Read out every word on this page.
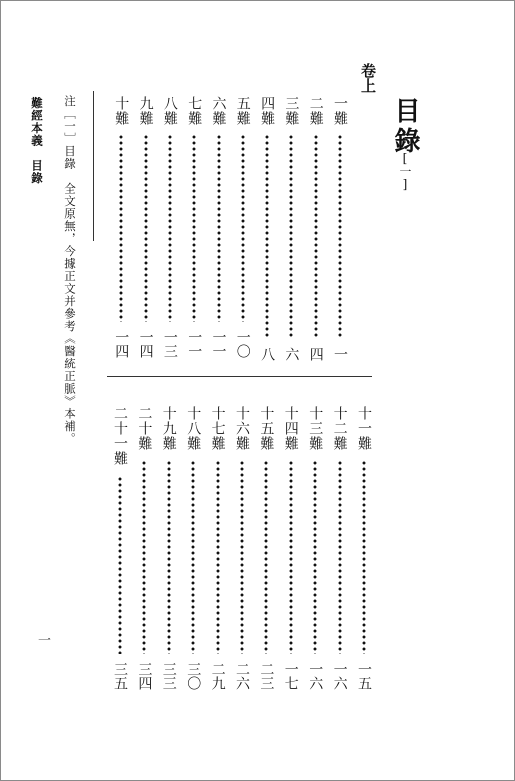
目錄
[一]
卷上
一難
一
二難
四
三難
六
四難
八
五難
一〇
六難
一一
七難
一一
八難
一三
九難
一四
十難
一四
十一難
一五
十二難
一六
十三難
一六
十四難
一七
十五難
二三
十六難
二六
十七難
二九
十八難
三〇
十九難
三三
二十難
三四
二十一難
三五
注［一］目錄　全文原無，今據正文并參考《醫統正脈》本補。
難經本義　目錄
一
